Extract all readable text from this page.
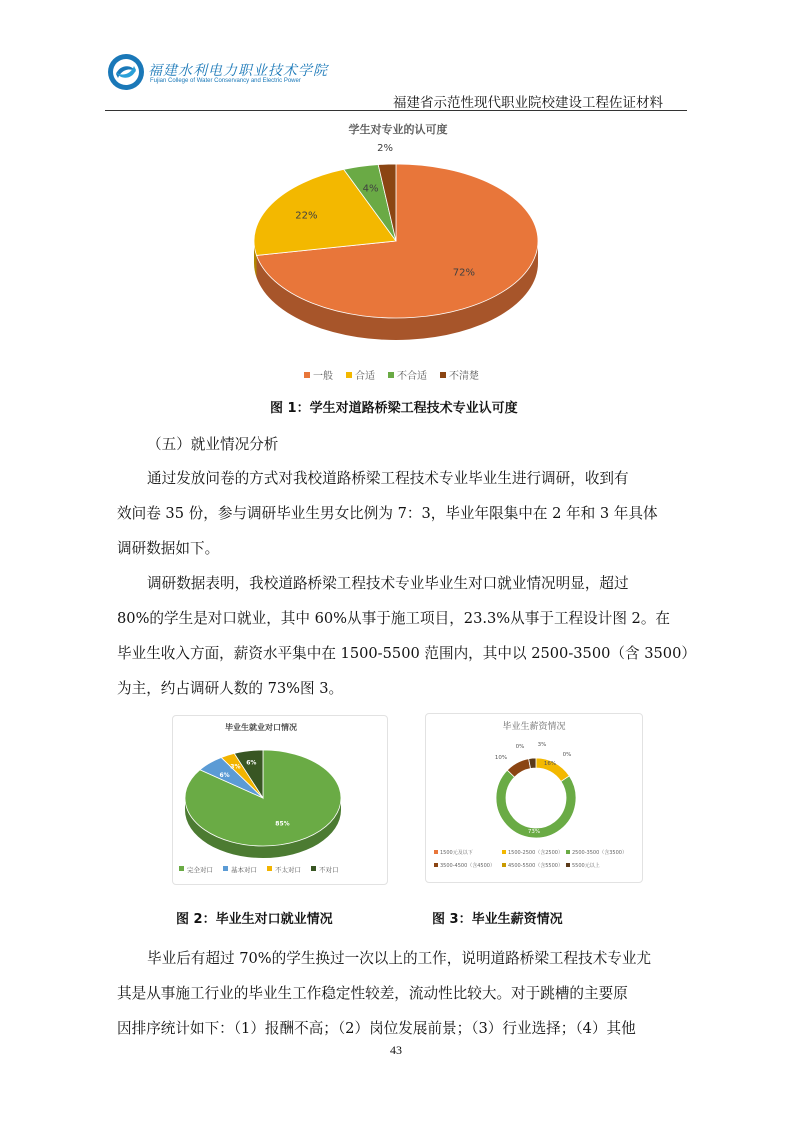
福建水利电力职业技术学院
Fujian College of Water Conservancy and Electric Power
福建省示范性现代职业院校建设工程佐证材料
学生对专业的认可度
72%
22%
4%
2%
一般 合适 不合适 不清楚
图 1：学生对道路桥梁工程技术专业认可度
（五）就业情况分析
通过发放问卷的方式对我校道路桥梁工程技术专业毕业生进行调研，收到有
效问卷 35 份，参与调研毕业生男女比例为 7：3，毕业年限集中在 2 年和 3 年具体
调研数据如下。
调研数据表明，我校道路桥梁工程技术专业毕业生对口就业情况明显，超过
80%的学生是对口就业，其中 60%从事于施工项目，23.3%从事于工程设计图 2。在
毕业生收入方面，薪资水平集中在 1500-5500 范围内，其中以 2500-3500（含 3500）
为主，约占调研人数的 73%图 3。
毕业生就业对口情况
85%
6%
3%
6%
完全对口	基本对口	不太对口	不对口
毕业生薪资情况
0%
16%
73%
10%	0%
3%
1500元及以下	1500-2500（含2500） 2500-3500（含3500）
3500-4500（含4500）	4500-5500（含5500） 5500元以上
图 2：毕业生对口就业情况	图 3：毕业生薪资情况
毕业后有超过 70%的学生换过一次以上的工作，说明道路桥梁工程技术专业尤
其是从事施工行业的毕业生工作稳定性较差，流动性比较大。对于跳槽的主要原
因排序统计如下：（1）报酬不高；（2）岗位发展前景；（3）行业选择；（4）其他
43
